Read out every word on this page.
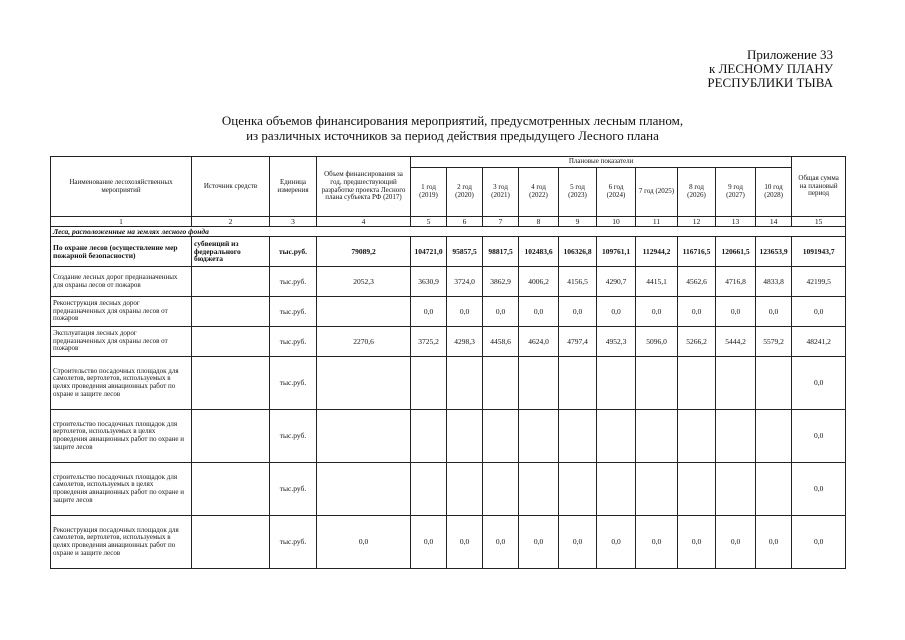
Приложение 33
к ЛЕСНОМУ ПЛАНУ
РЕСПУБЛИКИ ТЫВА
Оценка объемов финансирования мероприятий, предусмотренных лесным планом,
из различных источников за период действия предыдущего Лесного плана
Наименование лесохозяйственных мероприятий	Источник средств	Единица измерения	Объем финансирования за год, предшествующий разработке проекта Лесного плана субъекта РФ (2017)	Плановые показатели										Общая сумма на плановый период
				1 год (2019)	2 год (2020)	3 год (2021)	4 год (2022)	5 год (2023)	6 год (2024)	7 год (2025)	8 год (2026)	9 год (2027)	10 год (2028)	
1	2	3	4	5	6	7	8	9	10	11	12	13	14	15
Леса, расположенные на землях лесного фонда														
По охране лесов (осуществление мер пожарной безопасности)	субвенций из федерального бюджета	тыс.руб.	79089,2	104721,0	95857,5	98817,5	102483,6	106326,8	109761,1	112944,2	116716,5	120661,5	123653,9	1091943,7
Создание лесных дорог предназначенных для охраны лесов от пожаров		тыс.руб.	2052,3	3630,9	3724,0	3862,9	4006,2	4156,5	4290,7	4415,1	4562,6	4716,8	4833,8	42199,5
Реконструкция лесных дорог предназначенных для охраны лесов от пожаров		тыс.руб.		0,0	0,0	0,0	0,0	0,0	0,0	0,0	0,0	0,0	0,0	0,0
Эксплуатация лесных дорог предназначенных для охраны лесов от пожаров		тыс.руб.	2270,6	3725,2	4298,3	4458,6	4624,0	4797,4	4952,3	5096,0	5266,2	5444,2	5579,2	48241,2
Строительство посадочных площадок для самолетов, вертолетов, используемых в целях проведения авиационных работ по охране и защите лесов		тыс.руб.												0,0
строительство посадочных площадок для вертолетов, используемых в целях проведения авиационных работ по охране и защите лесов		тыс.руб.												0,0
строительство посадочных площадок для самолетов, используемых в целях проведения авиационных работ по охране и защите лесов		тыс.руб.												0,0
Реконструкция посадочных площадок для самолетов, вертолетов, используемых в целях проведения авиационных работ по охране и защите лесов		тыс.руб.	0,0	0,0	0,0	0,0	0,0	0,0	0,0	0,0	0,0	0,0	0,0	0,0
